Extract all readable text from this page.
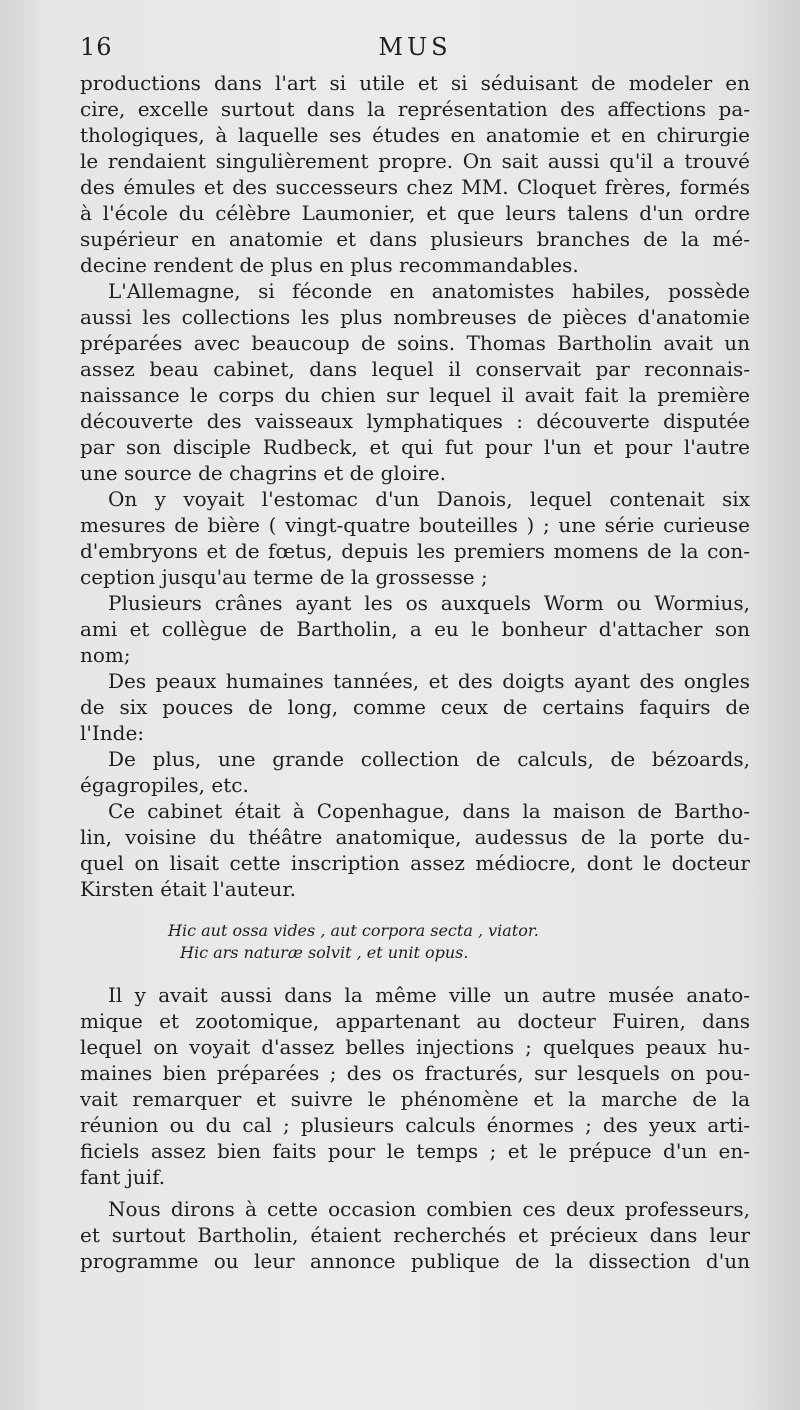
16	MUS
productions dans l'art si utile et si séduisant de modeler en
cire, excelle surtout dans la représentation des affections pa-
thologiques, à laquelle ses études en anatomie et en chirurgie
le rendaient singulièrement propre. On sait aussi qu'il a trouvé
des émules et des successeurs chez MM. Cloquet frères, formés
à l'école du célèbre Laumonier, et que leurs talens d'un ordre
supérieur en anatomie et dans plusieurs branches de la mé-
decine rendent de plus en plus recommandables.
L'Allemagne, si féconde en anatomistes habiles, possède
aussi les collections les plus nombreuses de pièces d'anatomie
préparées avec beaucoup de soins. Thomas Bartholin avait un
assez beau cabinet, dans lequel il conservait par reconnais-
naissance le corps du chien sur lequel il avait fait la première
découverte des vaisseaux lymphatiques : découverte disputée
par son disciple Rudbeck, et qui fut pour l'un et pour l'autre
une source de chagrins et de gloire.
On y voyait l'estomac d'un Danois, lequel contenait six
mesures de bière ( vingt-quatre bouteilles ) ; une série curieuse
d'embryons et de fœtus, depuis les premiers momens de la con-
ception jusqu'au terme de la grossesse ;
Plusieurs crânes ayant les os auxquels Worm ou Wormius,
ami et collègue de Bartholin, a eu le bonheur d'attacher son
nom;
Des peaux humaines tannées, et des doigts ayant des ongles
de six pouces de long, comme ceux de certains faquirs de
l'Inde:
De plus, une grande collection de calculs, de bézoards,
égagropiles, etc.
Ce cabinet était à Copenhague, dans la maison de Bartho-
lin, voisine du théâtre anatomique, audessus de la porte du-
quel on lisait cette inscription assez médiocre, dont le docteur
Kirsten était l'auteur.
Hic aut ossa vides , aut corpora secta , viator.
Hic ars naturæ solvit , et unit opus.
Il y avait aussi dans la même ville un autre musée anato-
mique et zootomique, appartenant au docteur Fuiren, dans
lequel on voyait d'assez belles injections ; quelques peaux hu-
maines bien préparées ; des os fracturés, sur lesquels on pou-
vait remarquer et suivre le phénomène et la marche de la
réunion ou du cal ; plusieurs calculs énormes ; des yeux arti-
ficiels assez bien faits pour le temps ; et le prépuce d'un en-
fant juif.
Nous dirons à cette occasion combien ces deux professeurs,
et surtout Bartholin, étaient recherchés et précieux dans leur
programme ou leur annonce publique de la dissection d'un
